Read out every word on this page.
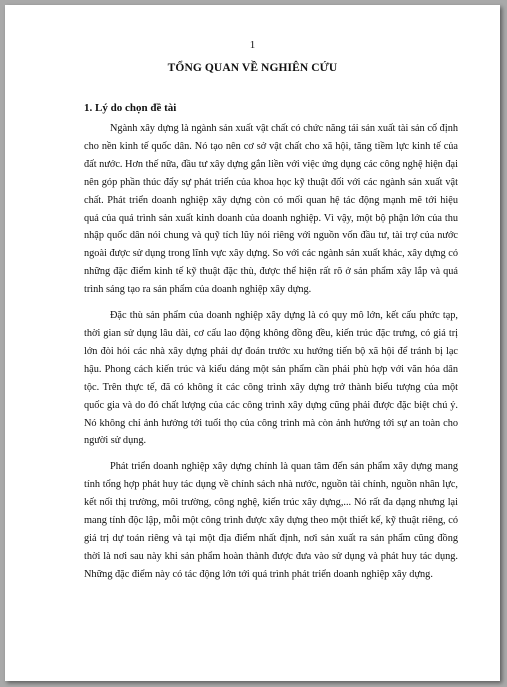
1
TỔNG QUAN VỀ NGHIÊN CỨU
1. Lý do chọn đề tài

Ngành xây dựng là ngành sản xuất vật chất có chức năng tái sản xuất tài sản cố định cho nền kinh tế quốc dân. Nó tạo nên cơ sở vật chất cho xã hội, tăng tiềm lực kinh tế của đất nước. Hơn thế nữa, đầu tư xây dựng gắn liền với việc ứng dụng các công nghệ hiện đại nên góp phần thúc đẩy sự phát triển của khoa học kỹ thuật đối với các ngành sản xuất vật chất. Phát triển doanh nghiệp xây dựng còn có mối quan hệ tác động mạnh mẽ tới hiệu quả của quá trình sản xuất kinh doanh của doanh nghiệp. Vì vậy, một bộ phận lớn của thu nhập quốc dân nói chung và quỹ tích lũy nói riêng với nguồn vốn đầu tư, tài trợ của nước ngoài được sử dụng trong lĩnh vực xây dựng. So với các ngành sản xuất khác, xây dựng có những đặc điểm kinh tế kỹ thuật đặc thù, được thể hiện rất rõ ở sản phẩm xây lắp và quá trình sáng tạo ra sản phẩm của doanh nghiệp xây dựng.

Đặc thù sản phẩm của doanh nghiệp xây dựng là có quy mô lớn, kết cấu phức tạp, thời gian sử dụng lâu dài, cơ cấu lao động không đồng đều, kiến trúc đặc trưng, có giá trị lớn đòi hỏi các nhà xây dựng phải dự đoán trước xu hướng tiến bộ xã hội để tránh bị lạc hậu. Phong cách kiến trúc và kiểu dáng một sản phẩm cần phải phù hợp với văn hóa dân tộc. Trên thực tế, đã có không ít các công trình xây dựng trở thành biểu tượng của một quốc gia và do đó chất lượng của các công trình xây dựng cũng phải được đặc biệt chú ý. Nó không chỉ ảnh hưởng tới tuổi thọ của công trình mà còn ảnh hưởng tới sự an toàn cho người sử dụng.

Phát triển doanh nghiệp xây dựng chính là quan tâm đến sản phẩm xây dựng mang tính tổng hợp phát huy tác dụng về chính sách nhà nước, nguồn tài chính, nguồn nhân lực, kết nối thị trường, môi trường, công nghệ, kiến trúc xây dựng,... Nó rất đa dạng nhưng lại mang tính độc lập, mỗi một công trình được xây dựng theo một thiết kế, kỹ thuật riêng, có giá trị dự toán riêng và tại một địa điểm nhất định, nơi sản xuất ra sản phẩm cũng đồng thời là nơi sau này khi sản phẩm hoàn thành được đưa vào sử dụng và phát huy tác dụng. Những đặc điểm này có tác động lớn tới quá trình phát triển doanh nghiệp xây dựng.
